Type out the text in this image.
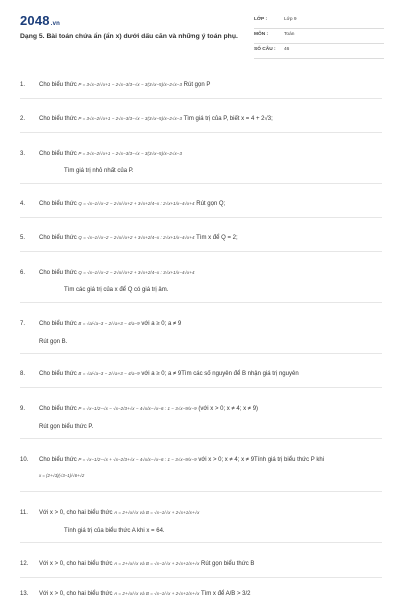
2048.vn
Dạng 5. Bài toán chứa ẩn (ẩn x) dưới dấu căn và những ý toán phụ.
LỚP :	Lớp 9
MÔN :	Toán
SỐ CÂU : 46
1. Cho biểu thức P = 3√x−2/√x+1 − 2√x−3/3−√x − 3(3√x−5)/x−2√x−3 Rút gọn P
2. Cho biểu thức P = 3√x−2/√x+1 − 2√x−3/3−√x − 3(3√x−5)/x−2√x−3 Tìm giá trị của P, biết x = 4 + 2√3;
3. Cho biểu thức P = 3√x−2/√x+1 − 2√x−3/3−√x − 3(3√x−5)/x−2√x−3
Tìm giá trị nhỏ nhất của P.
4. Cho biểu thức Q = √x−1/√x−2 − 2√x/√x+2 + 3√x+2/4−x : 2√x+1/x−4√x+4 Rút gọn Q;
5. Cho biểu thức Q = √x−1/√x−2 − 2√x/√x+2 + 3√x+2/4−x : 2√x+1/x−4√x+4 Tìm x để Q = 2;
6. Cho biểu thức Q = √x−1/√x−2 − 2√x/√x+2 + 3√x+2/4−x : 3√x+1/x−4√x+4
Tìm các giá trị của x để Q có giá trị âm.
7. Cho biểu thức B = √a/√a−3 − 2/√a+3 − 4/a−9 với a ≥ 0; a ≠ 9
Rút gọn B.
8. Cho biểu thức B = √a/√a−3 − 2/√a+3 − 4/a−9 với a ≥ 0; a ≠ 9Tìm các số nguyên để B nhận giá trị nguyên
9. Cho biểu thức P = √x−1/2−√x − √x−2/3+√x − 4√x/x−√x−6 : 1 − 3√x−9/x−9 (với x > 0; x ≠ 4; x ≠ 9)
Rút gọn biểu thức P.
10. Cho biểu thức P = √x−1/2−√x + √x−2/3+√x − 4√x/x−√x−6 : 1 − 3√x−9/x−9 với x > 0; x ≠ 4; x ≠ 9Tính giá trị biểu thức P khi
x = (2+√3)(√3−1)/√6+√2
11. Với x > 0, cho hai biểu thức A = 2+√x/√x và B = √x−1/√x + 2√x+1/x+√x
Tính giá trị của biểu thức A khi x = 64.
12. Với x > 0, cho hai biểu thức A = 2+√x/√x và B = √x−1/√x + 2√x+1/x+√x Rút gọn biểu thức B
13. Với x > 0, cho hai biểu thức A = 2+√x/√x và B = √x−1/√x + 2√x+1/x+√x Tìm x để A/B > 3/2
